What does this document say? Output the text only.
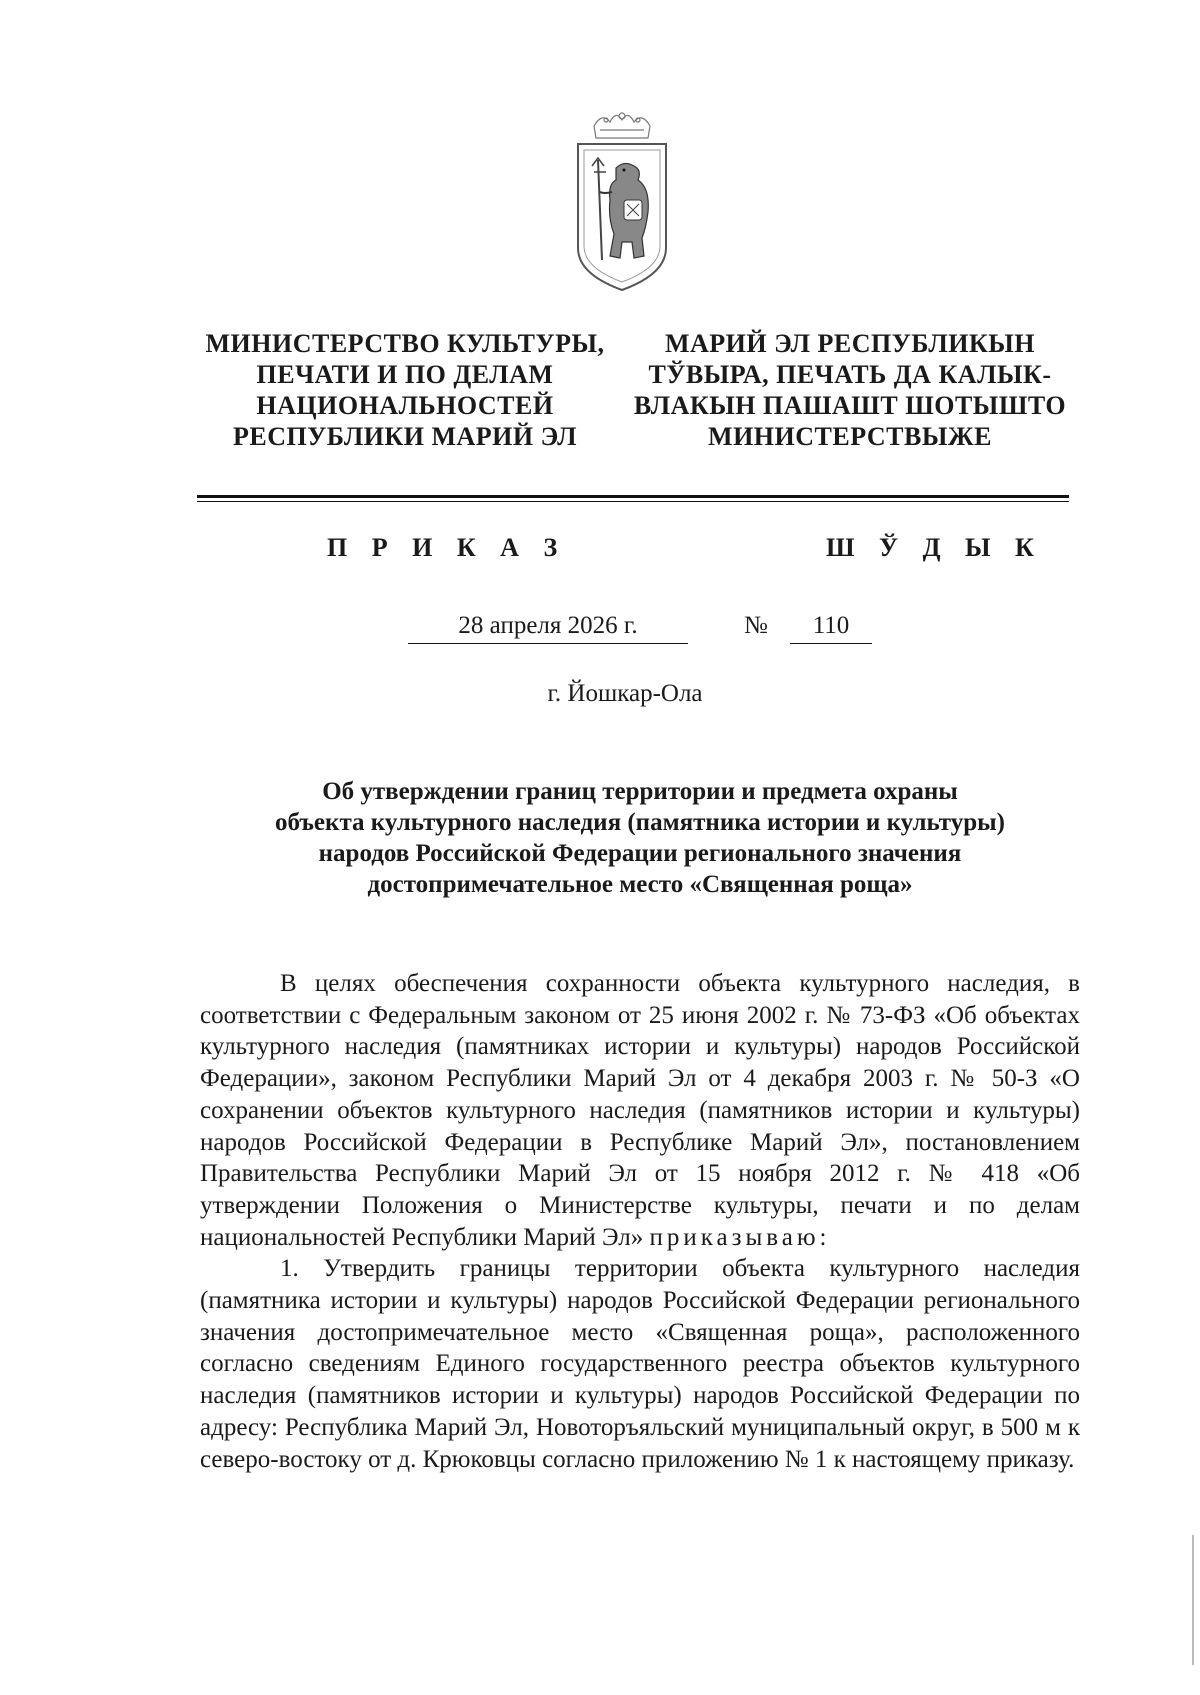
МИНИСТЕРСТВО КУЛЬТУРЫ,
ПЕЧАТИ И ПО ДЕЛАМ
НАЦИОНАЛЬНОСТЕЙ
РЕСПУБЛИКИ МАРИЙ ЭЛ
МАРИЙ ЭЛ РЕСПУБЛИКЫН
ТЎВЫРА, ПЕЧАТЬ ДА КАЛЫК-
ВЛАКЫН ПАШАШТ ШОТЫШТО
МИНИСТЕРСТВЫЖЕ
П Р И К А З	Ш Ў Д Ы К
28 апреля 2026 г.	№	110
г. Йошкар-Ола
Об утверждении границ территории и предмета охраны
объекта культурного наследия (памятника истории и культуры)
народов Российской Федерации регионального значения
достопримечательное место «Священная роща»

В целях обеспечения сохранности объекта культурного наследия, в соответствии с Федеральным законом от 25 июня 2002 г. № 73-ФЗ «Об объектах культурного наследия (памятниках истории и культуры) народов Российской Федерации», законом Республики Марий Эл от 4 декабря 2003 г. № 50-З «О сохранении объектов культурного наследия (памятников истории и культуры) народов Российской Федерации в Республике Марий Эл», постановлением Правительства Республики Марий Эл от 15 ноября 2012 г. № 418 «Об утверждении Положения о Министерстве культуры, печати и по делам национальностей Республики Марий Эл» приказываю:

1. Утвердить границы территории объекта культурного наследия (памятника истории и культуры) народов Российской Федерации регионального значения достопримечательное место «Священная роща», расположенного согласно сведениям Единого государственного реестра объектов культурного наследия (памятников истории и культуры) народов Российской Федерации по адресу: Республика Марий Эл, Новоторъяльский муниципальный округ, в 500 м к северо-востоку от д. Крюковцы согласно приложению № 1 к настоящему приказу.
